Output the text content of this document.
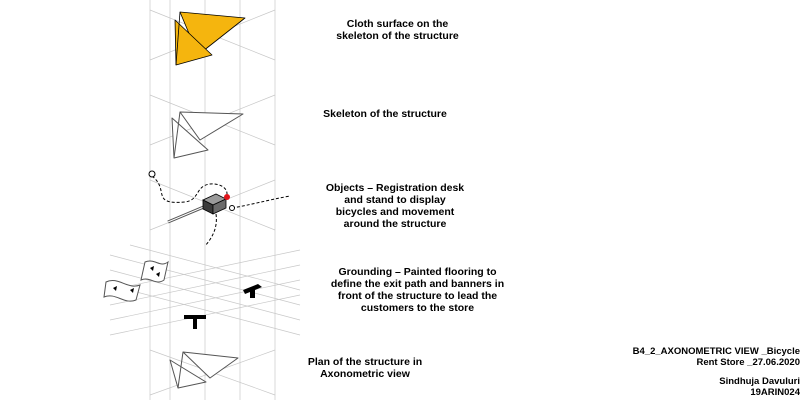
Cloth surface on the
skeleton of the structure
Skeleton of the structure
Objects – Registration desk
and stand to display
bicycles and movement
around the structure
Grounding – Painted flooring to
define the exit path and banners in
front of the structure to lead the
customers to the store
Plan of the structure in
Axonometric view
B4_2_AXONOMETRIC VIEW _Bicycle
Rent Store _27.06.2020
Sindhuja Davuluri
19ARIN024
